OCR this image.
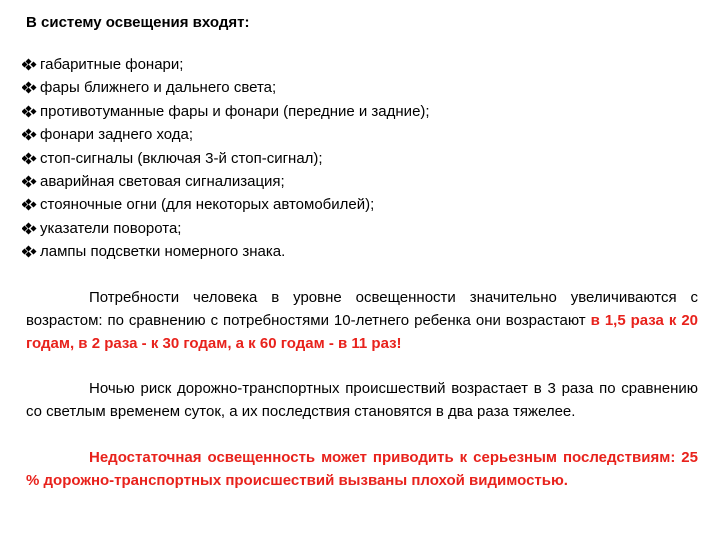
В систему освещения входят:
габаритные фонари;
фары ближнего и дальнего света;
противотуманные фары и фонари (передние и задние);
фонари заднего хода;
стоп-сигналы (включая 3-й стоп-сигнал);
аварийная световая сигнализация;
стояночные огни (для некоторых автомобилей);
указатели поворота;
лампы подсветки номерного знака.

Потребности человека в уровне освещенности значительно увеличиваются с возрастом: по сравнению с потребностями 10-летнего ребенка они возрастают в 1,5 раза к 20 годам, в 2 раза - к 30 годам, а к 60 годам - в 11 раз!

Ночью риск дорожно-транспортных происшествий возрастает в 3 раза по сравнению со светлым временем суток, а их последствия становятся в два раза тяжелее.

Недостаточная освещенность может приводить к серьезным последствиям: 25 % дорожно-транспортных происшествий вызваны плохой видимостью.
